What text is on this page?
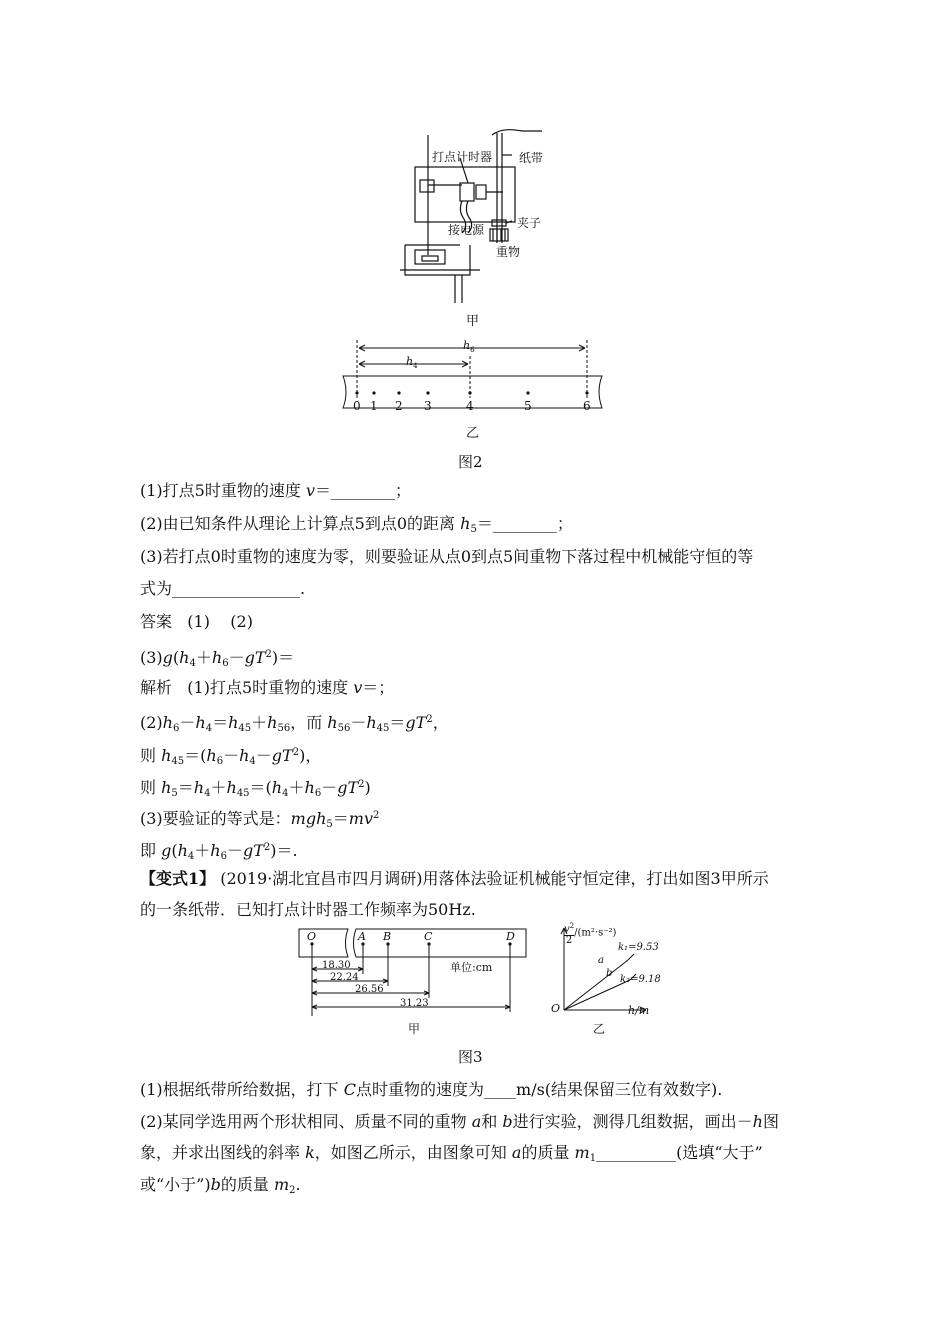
打点计时器 纸带
接电源	夹子
重物
甲
$h_6$
$h_4$
0 1 2 3	4	5	6
乙
图2
(1)打点5时重物的速度 v＝________；
(2)由已知条件从理论上计算点5到点0的距离 $h_5=\_\_\_\_\_\_\_\_$；
(3)若打点0时重物的速度为零，则要验证从点0到点5间重物下落过程中机械能守恒的等
式为________________.
答案 (1) (2)
$(3)g(h_4+h_6-gT^2)=$
解析 (1)打点5时重物的速度 v＝；
$(2)h_6-h_4=h_{45}+h_{56}$，而 $h_{56}-h_{45}=gT^2$，
则 $h_{45}=(h_6-h_4-gT^2)$，
则 $h_5=h_4+h_{45}=(h_4+h_6-gT^2)$
(3)要验证的等式是：$mgh_5=mv^2$
即 $g(h_4+h_6-gT^2)=$.
【变式1】 (2019·湖北宜昌市四月调研)用落体法验证机械能守恒定律，打出如图3甲所示
的一条纸带．已知打点计时器工作频率为50Hz.
O	A B	C	D
单位:cm
18.30
22.24
26.56
31.23
甲
$v^2$
2
/(m²·s⁻²)
k₁=9.53
k₂=9.18
a
b
O	h/m
乙
图3
(1)根据纸带所给数据，打下 C点时重物的速度为____m/s(结果保留三位有效数字).
(2)某同学选用两个形状相同、质量不同的重物 a和 b进行实验，测得几组数据，画出－h图
象，并求出图线的斜率 k，如图乙所示，由图象可知 a的质量 $m_1\_\_\_\_\_\_\_\_\_\_$(选填“大于”
或“小于”)b的质量 $m_2$.
